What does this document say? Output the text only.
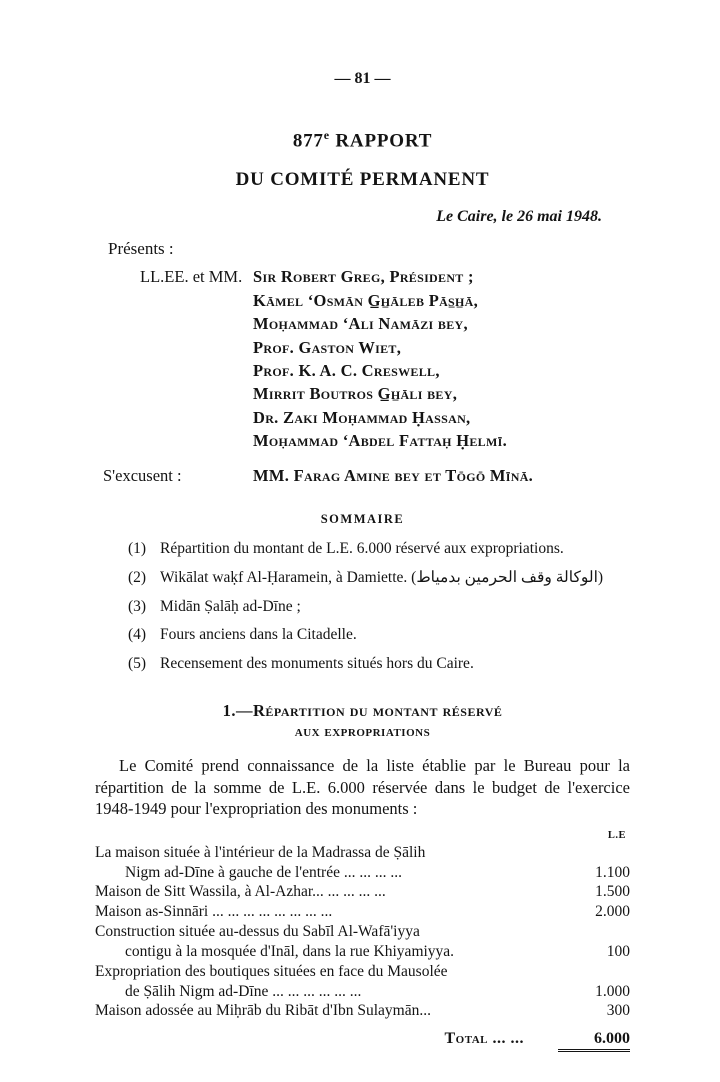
— 81 —
877e RAPPORT
DU COMITÉ PERMANENT
Le Caire, le 26 mai 1948.
Présents :
LL.EE. et MM. Sir Robert Greg, Président ;
Kāmel ʻOsmān G̲h̲āleb Pās̲h̲ā,
Moḥammad ʻAli Namāzi bey,
Prof. Gaston Wiet,
Prof. K. A. C. Creswell,
Mirrit Boutros G̲h̲āli bey,
Dr. Zaki Moḥammad Ḥassan,
Moḥammad ʻAbdel Fattaḥ Ḥelmī.
S'excusent :	MM. Farag Amine bey et Tōgō Mīnā.
SOMMAIRE
(1) Répartition du montant de L.E. 6.000 réservé aux expropriations.
(2) Wikālat waḳf Al-Ḥaramein, à Damiette. (الوكالة وقف الحرمين بدمياط)
(3) Midān Ṣalāḥ ad-Dīne ;
(4) Fours anciens dans la Citadelle.
(5) Recensement des monuments situés hors du Caire.
1.—Répartition du montant réservé
aux expropriations
Le Comité prend connaissance de la liste établie par le Bureau pour la répartition de la somme de L.E. 6.000 réservée dans le budget de l'exercice 1948-1949 pour l'expropriation des monuments :
L.E
La maison située à l'intérieur de la Madrassa de Ṣālih
Nigm ad-Dīne à gauche de l'entrée ... ... ... ...	1.100
Maison de Sitt Wassila, à Al-Azhar... ... ... ... ...	1.500
Maison as-Sinnāri ... ... ... ... ... ... ... ...	2.000
Construction située au-dessus du Sabīl Al-Wafā'iyya
contigu à la mosquée d'Ināl, dans la rue Khiyamiyya.	100
Expropriation des boutiques situées en face du Mausolée
de Ṣālih Nigm ad-Dīne ... ... ... ... ... ...	1.000
Maison adossée au Miḥrāb du Ribāt d'Ibn Sulaymān...	300
Total ... ...	6.000
